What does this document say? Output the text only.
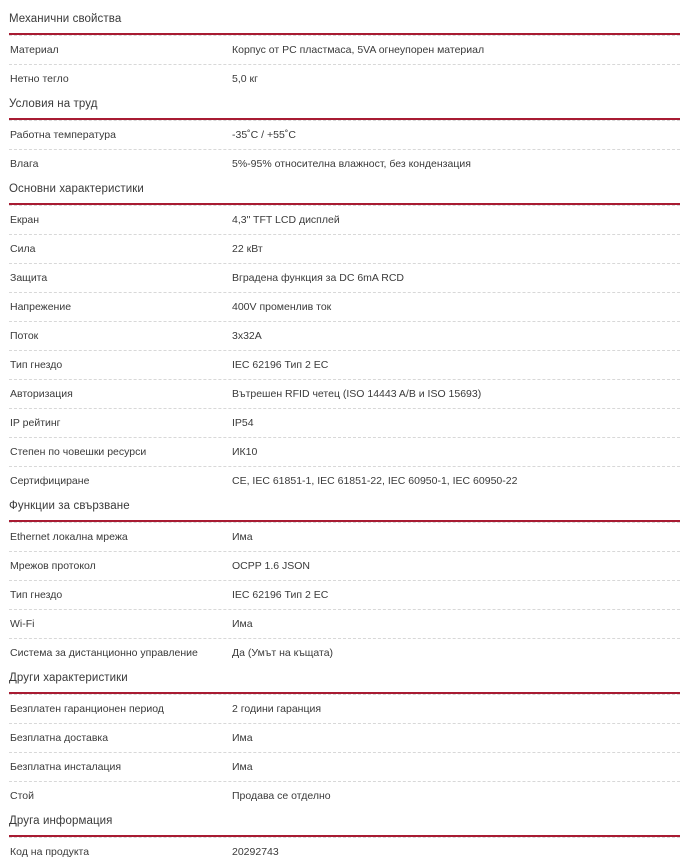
Механични свойства
Материал	Корпус от PC пластмаса, 5VA огнеупорен материал
Нетно тегло	5,0 кг
Условия на труд
Работна температура	-35˚C / +55˚C
Влага	5%-95% относителна влажност, без кондензация
Основни характеристики
Екран	4,3" TFT LCD дисплей
Сила	22 кВт
Защита	Вградена функция за DC 6mA RCD
Напрежение	400V променлив ток
Поток	3x32A
Тип гнездо	IEC 62196 Тип 2 ЕС
Авторизация	Вътрешен RFID четец (ISO 14443 A/B и ISO 15693)
IP рейтинг	IP54
Степен по човешки ресурси	ИК10
Сертифициране	CE, IEC 61851-1, IEC 61851-22, IEC 60950-1, IEC 60950-22
Функции за свързване
Ethernet локална мрежа	Има
Мрежов протокол	OCPP 1.6 JSON
Тип гнездо	IEC 62196 Тип 2 ЕС
Wi-Fi	Има
Система за дистанционно управление	Да (Умът на къщата)
Други характеристики
Безплатен гаранционен период	2 години гаранция
Безплатна доставка	Има
Безплатна инсталация	Има
Стой	Продава се отделно
Друга информация
Код на продукта	20292743
